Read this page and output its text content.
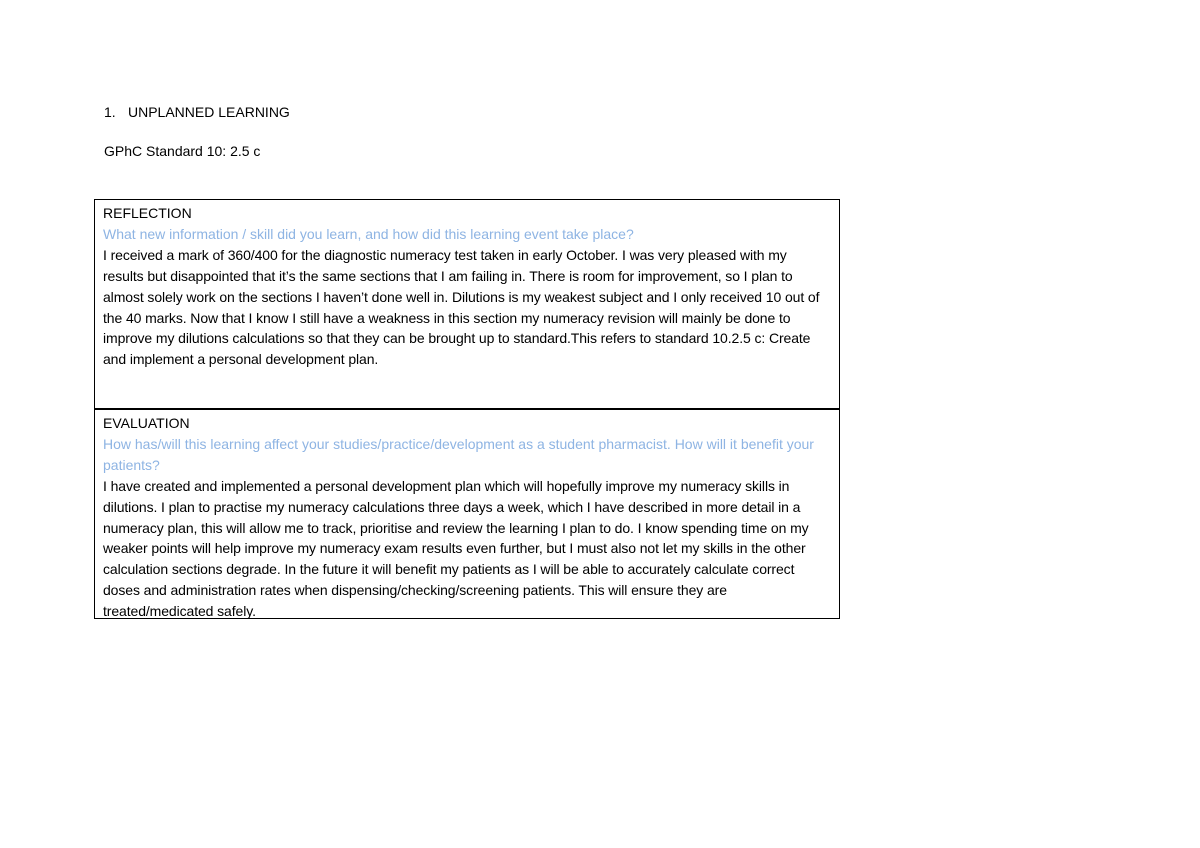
1. UNPLANNED LEARNING

GPhC Standard 10: 2.5 c

REFLECTION
What new information / skill did you learn, and how did this learning event take place?
I received a mark of 360/400 for the diagnostic numeracy test taken in early October. I was very pleased with my results but disappointed that it’s the same sections that I am failing in. There is room for improvement, so I plan to almost solely work on the sections I haven’t done well in. Dilutions is my weakest subject and I only received 10 out of the 40 marks. Now that I know I still have a weakness in this section my numeracy revision will mainly be done to improve my dilutions calculations so that they can be brought up to standard.This refers to standard 10.2.5 c: Create and implement a personal development plan.
EVALUATION
How has/will this learning affect your studies/practice/development as a student pharmacist. How will it benefit your patients?
I have created and implemented a personal development plan which will hopefully improve my numeracy skills in dilutions. I plan to practise my numeracy calculations three days a week, which I have described in more detail in a numeracy plan, this will allow me to track, prioritise and review the learning I plan to do. I know spending time on my weaker points will help improve my numeracy exam results even further, but I must also not let my skills in the other calculation sections degrade. In the future it will benefit my patients as I will be able to accurately calculate correct doses and administration rates when dispensing/checking/screening patients. This will ensure they are treated/medicated safely. ______
